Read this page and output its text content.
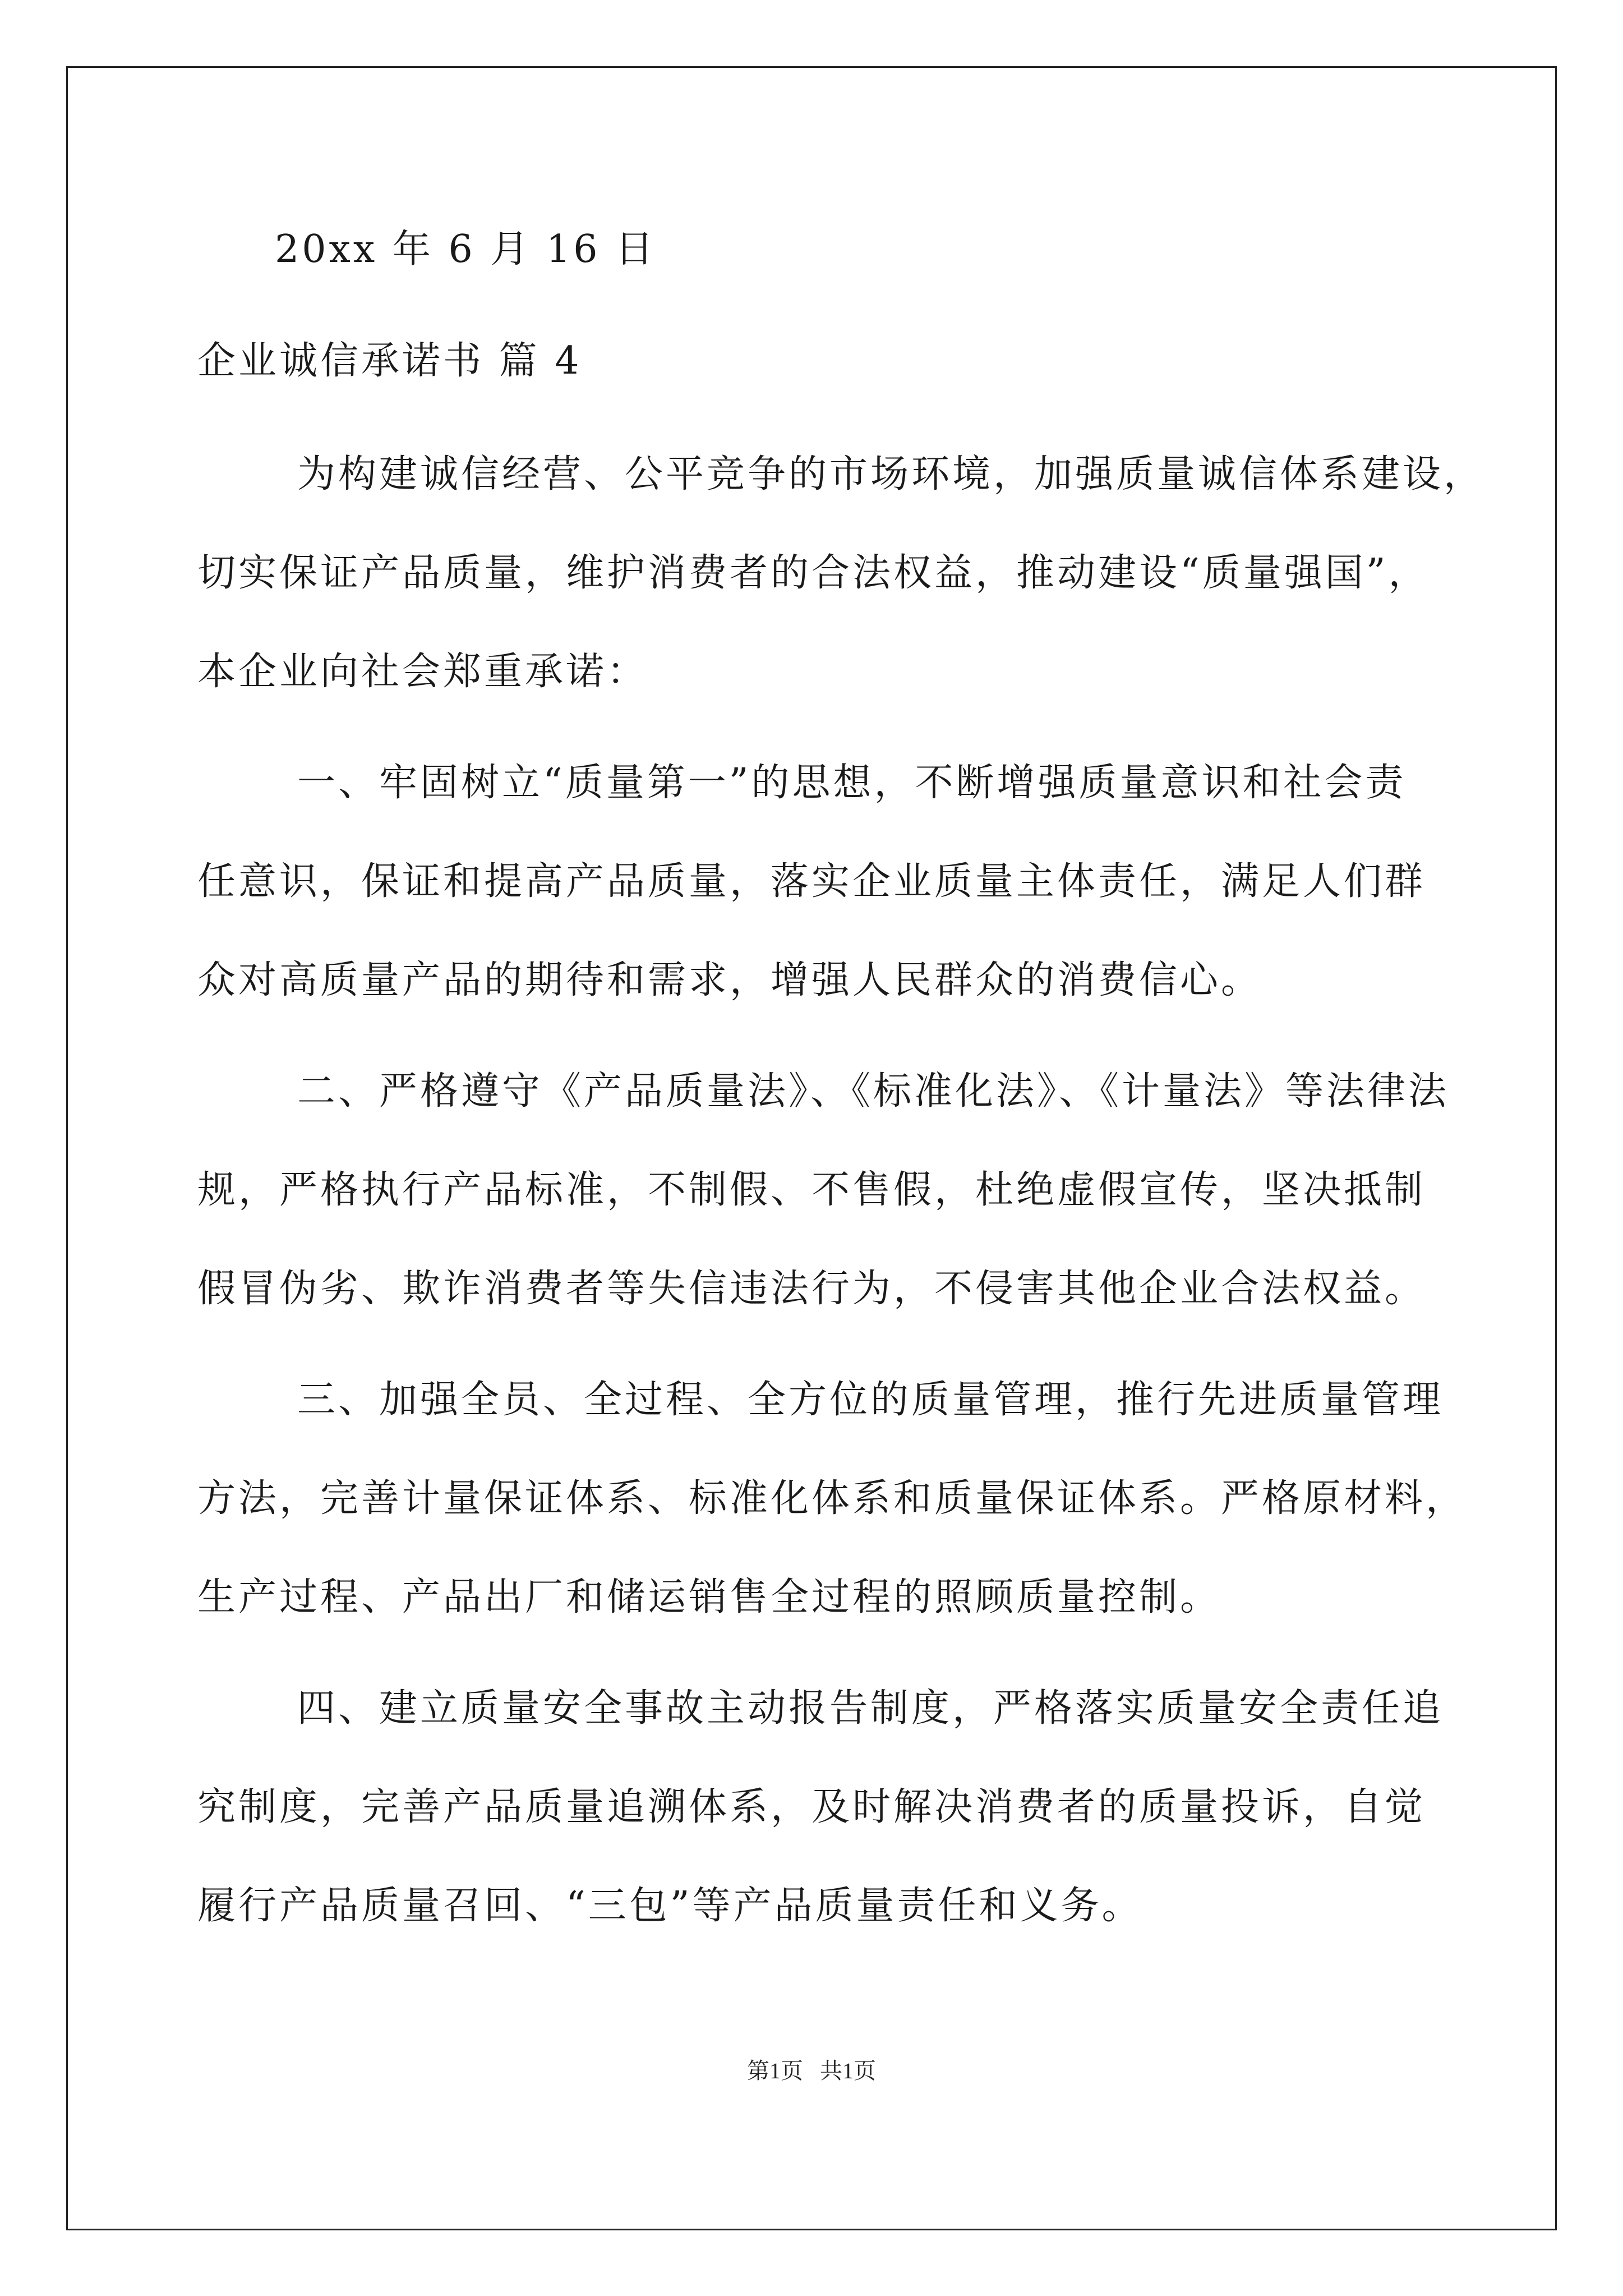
20xx 年 6 月 16 日
企业诚信承诺书 篇 4
为构建诚信经营、公平竞争的市场环境，加强质量诚信体系建设，
切实保证产品质量，维护消费者的合法权益，推动建设“质量强国”，
本企业向社会郑重承诺：
一、牢固树立“质量第一”的思想，不断增强质量意识和社会责
任意识，保证和提高产品质量，落实企业质量主体责任，满足人们群
众对高质量产品的期待和需求，增强人民群众的消费信心。
二、严格遵守《产品质量法》、《标准化法》、《计量法》等法律法
规，严格执行产品标准，不制假、不售假，杜绝虚假宣传，坚决抵制
假冒伪劣、欺诈消费者等失信违法行为，不侵害其他企业合法权益。
三、加强全员、全过程、全方位的质量管理，推行先进质量管理
方法，完善计量保证体系、标准化体系和质量保证体系。严格原材料，
生产过程、产品出厂和储运销售全过程的照顾质量控制。
四、建立质量安全事故主动报告制度，严格落实质量安全责任追
究制度，完善产品质量追溯体系，及时解决消费者的质量投诉，自觉
履行产品质量召回、“三包”等产品质量责任和义务。
第1页   共1页
